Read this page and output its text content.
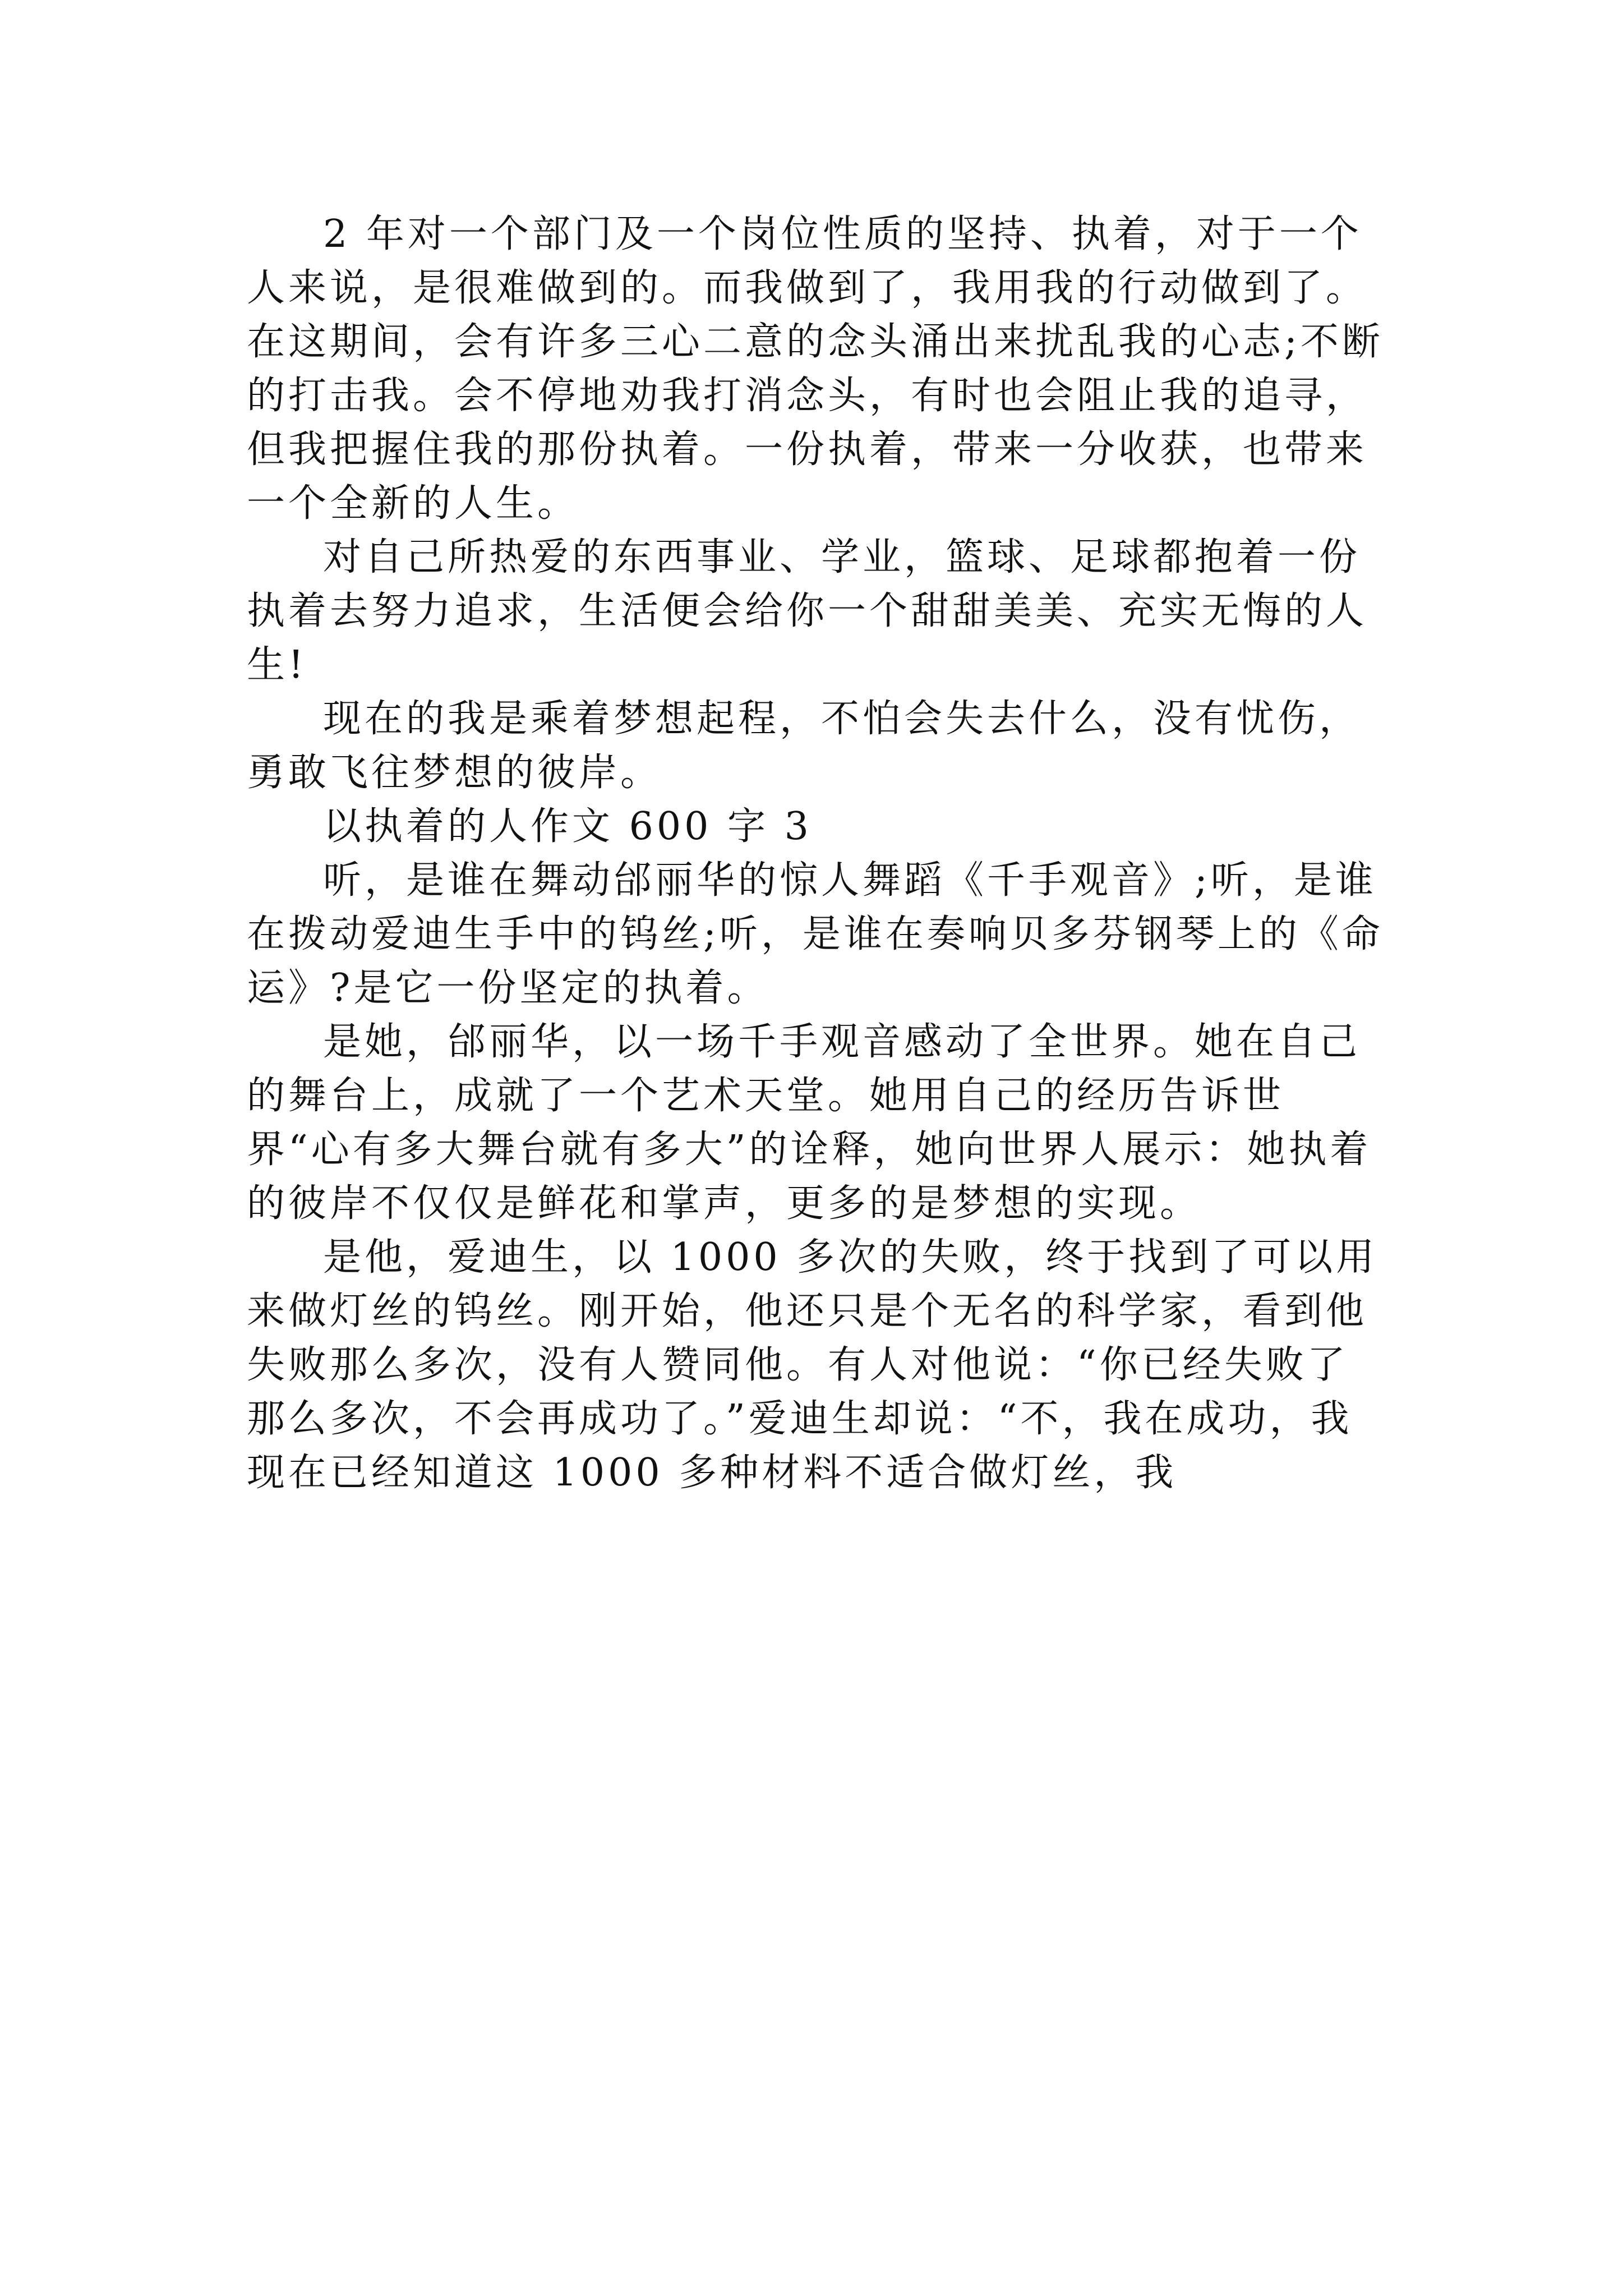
2 年对一个部门及一个岗位性质的坚持、执着，对于一个人来说，是很难做到的。而我做到了，我用我的行动做到了。在这期间，会有许多三心二意的念头涌出来扰乱我的心志;不断的打击我。会不停地劝我打消念头，有时也会阻止我的追寻，但我把握住我的那份执着。一份执着，带来一分收获，也带来一个全新的人生。

对自己所热爱的东西事业、学业，篮球、足球都抱着一份执着去努力追求，生活便会给你一个甜甜美美、充实无悔的人生!

现在的我是乘着梦想起程，不怕会失去什么，没有忧伤，勇敢飞往梦想的彼岸。

以执着的人作文 600 字 3

听，是谁在舞动邰丽华的惊人舞蹈《千手观音》;听，是谁在拨动爱迪生手中的钨丝;听，是谁在奏响贝多芬钢琴上的《命运》?是它一份坚定的执着。

是她，邰丽华，以一场千手观音感动了全世界。她在自己的舞台上，成就了一个艺术天堂。她用自己的经历告诉世界“心有多大舞台就有多大”的诠释，她向世界人展示：她执着的彼岸不仅仅是鲜花和掌声，更多的是梦想的实现。

是他，爱迪生，以 1000 多次的失败，终于找到了可以用来做灯丝的钨丝。刚开始，他还只是个无名的科学家，看到他失败那么多次，没有人赞同他。有人对他说：“你已经失败了那么多次，不会再成功了。”爱迪生却说：“不，我在成功，我现在已经知道这 1000 多种材料不适合做灯丝，我
